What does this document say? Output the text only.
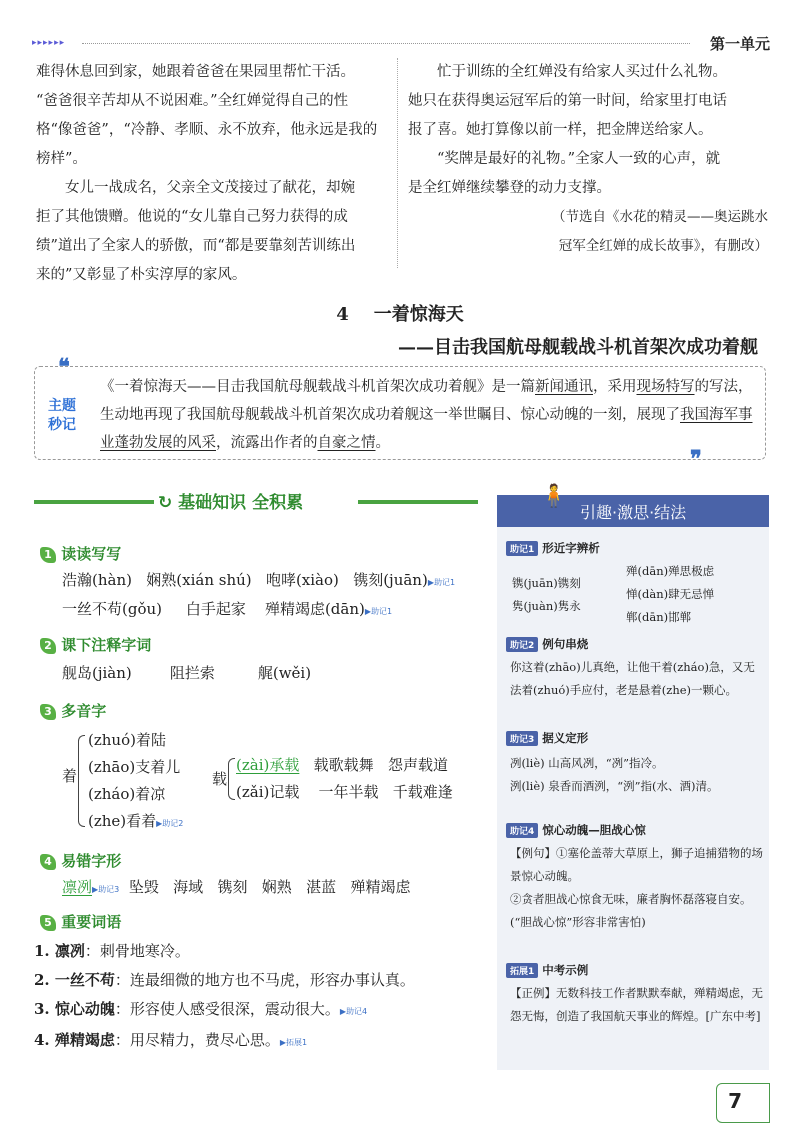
▸▸▸▸▸▸	第一单元

难得休息回到家，她跟着爸爸在果园里帮忙干活。

“爸爸很辛苦却从不说困难。”全红婵觉得自己的性

格“像爸爸”，“冷静、孝顺、永不放弃，他永远是我的

榜样”。

女儿一战成名，父亲全文茂接过了献花，却婉

拒了其他馈赠。他说的“女儿靠自己努力获得的成

绩”道出了全家人的骄傲，而“都是要靠刻苦训练出

来的”又彰显了朴实淳厚的家风。

忙于训练的全红婵没有给家人买过什么礼物。

她只在获得奥运冠军后的第一时间，给家里打电话

报了喜。她打算像以前一样，把金牌送给家人。

“奖牌是最好的礼物。”全家人一致的心声，就

是全红婵继续攀登的动力支撑。

（节选自《水花的精灵——奥运跳水

冠军全红婵的成长故事》，有删改）

4 一着惊海天
——目击我国航母舰载战斗机首架次成功着舰
❝
❞
主题秒记
《一着惊海天——目击我国航母舰载战斗机首架次成功着舰》是一篇新闻通讯，采用现场特写的写法，生动地再现了我国航母舰载战斗机首架次成功着舰这一举世瞩目、惊心动魄的一刻，展现了我国海军事业蓬勃发展的风采，流露出作者的自豪之情。
↻ 基础知识 全积累
1 读读写写
浩瀚(hàn) 娴熟(xián shú) 咆哮(xiào) 镌刻(juān)▶助记1
一丝不苟(gǒu) 白手起家 殚精竭虑(dān)▶助记1
2 课下注释字词
舰岛(jiàn)	阻拦索	艉(wěi)
3 多音字
着
(zhuó)着陆
(zhāo)支着儿
(zháo)着凉
(zhe)看着▶助记2
载
(zài)承载 载歌载舞 怨声载道
(zǎi)记载 一年半载 千载难逢
4 易错字形
凛冽▶助记3 坠毁 海域 镌刻 娴熟 湛蓝 殚精竭虑
5 重要词语
1. 凛冽：刺骨地寒冷。
2. 一丝不苟：连最细微的地方也不马虎，形容办事认真。
3. 惊心动魄：形容使人感受很深，震动很大。▶助记4
4. 殚精竭虑：用尽精力，费尽心思。▶拓展1
🧍
引趣·激思·结法
助记1 形近字辨析
镌(juān)镌刻
隽(juàn)隽永
殚(dān)殚思极虑
惮(dàn)肆无忌惮
郸(dān)邯郸
助记2 例句串烧
你这着(zhāo)儿真绝，让他干着(zháo)急，又无法着(zhuó)手应付，老是悬着(zhe)一颗心。
助记3 据义定形
冽(liè) 山高风冽，“冽”指冷。
洌(liè) 泉香而酒洌，“洌”指(水、酒)清。
助记4 惊心动魄—胆战心惊
【例句】①塞伦盖蒂大草原上，狮子追捕猎物的场景惊心动魄。
②贪者胆战心惊食无味，廉者胸怀磊落寝自安。(“胆战心惊”形容非常害怕)
拓展1 中考示例
【正例】无数科技工作者默默奉献，殚精竭虑，无怨无悔，创造了我国航天事业的辉煌。[广东中考]
7
